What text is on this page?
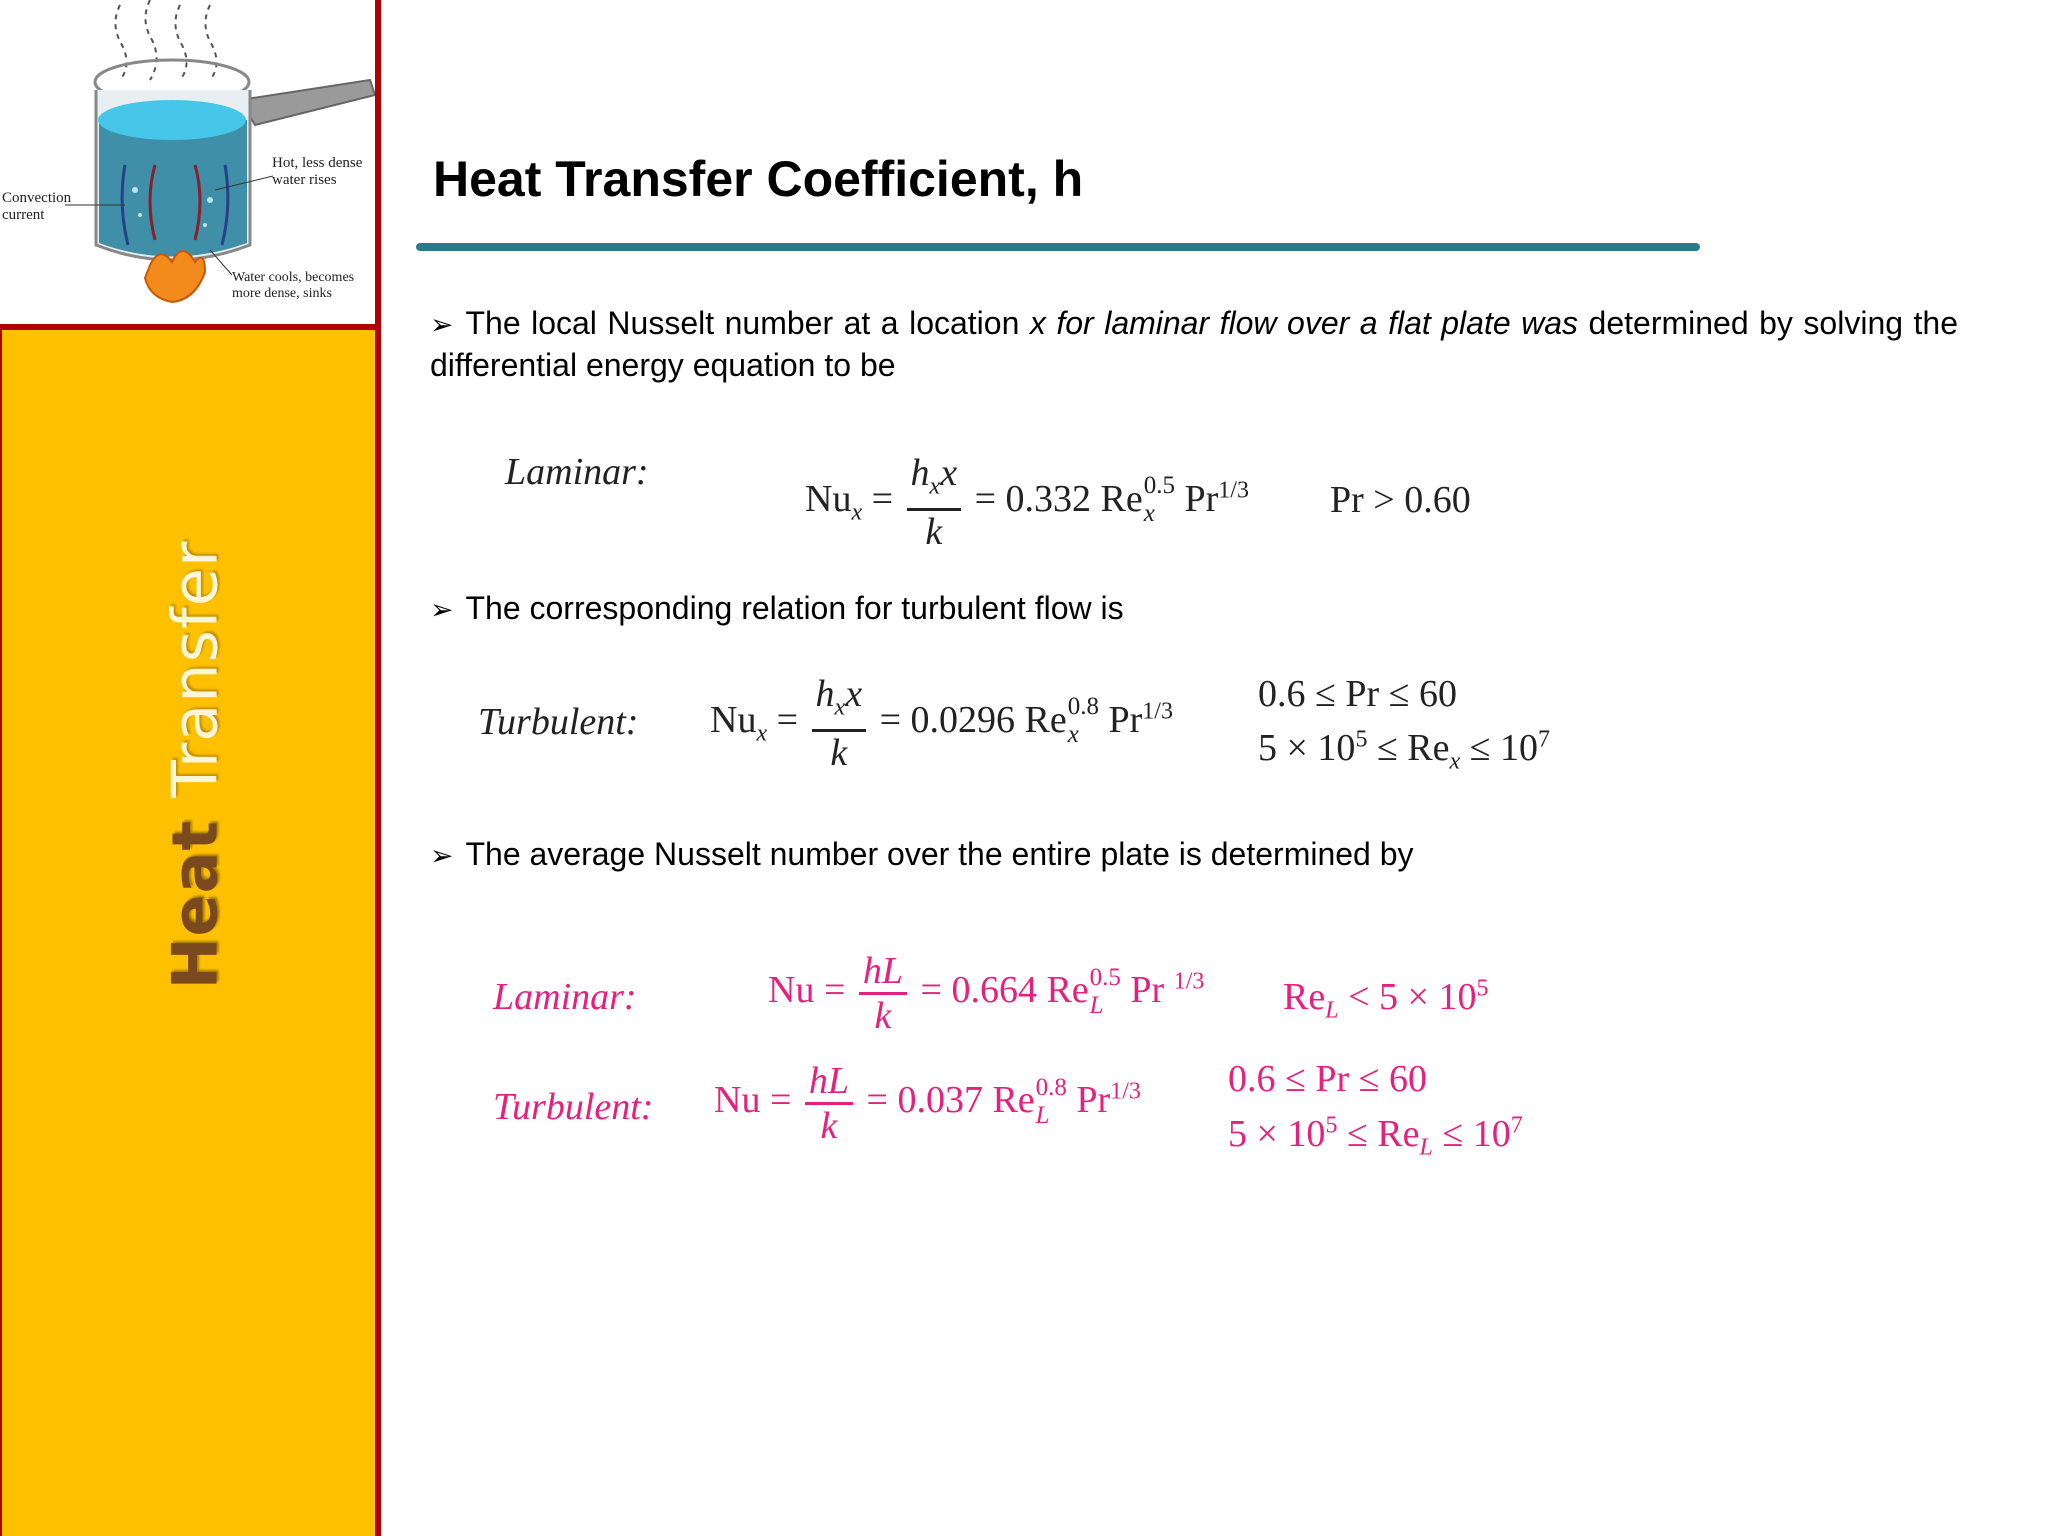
Convection current
Hot, less dense water rises
Water cools, becomes more dense, sinks
HeatTransfer
Heat Transfer Coefficient, h

➢ The local Nusselt number at a location x for laminar flow over a flat plate was determined by solving the differential energy equation to be

Laminar:
$Nu_x = \frac{h_xx}{k} = 0.332$ Re 0.5
x $Pr^{1/3}$ Pr > 0.60

➢ The corresponding relation for turbulent flow is

Turbulent: $Nu_x = \frac{h_xx}{k} = 0.0296$ Re 0.8
x $Pr^{1/3}$ 0.6 ≤ Pr ≤ 60
$5 \times 10^5 \le Re_x \le 10^7$

➢ The average Nusselt number over the entire plate is determined by

Laminar:	$Nu = \frac{hL}{k} = 0.664$ Re 0.5
L Pr $^{1/3}$ $Re_L < 5 \times 10^5$
Turbulent: $Nu = \frac{hL}{k} = 0.037$ Re 0.8
L $Pr^{1/3}$ 0.6 ≤ Pr ≤ 60
$5 \times 10^5 \le Re_L \le 10^7$
